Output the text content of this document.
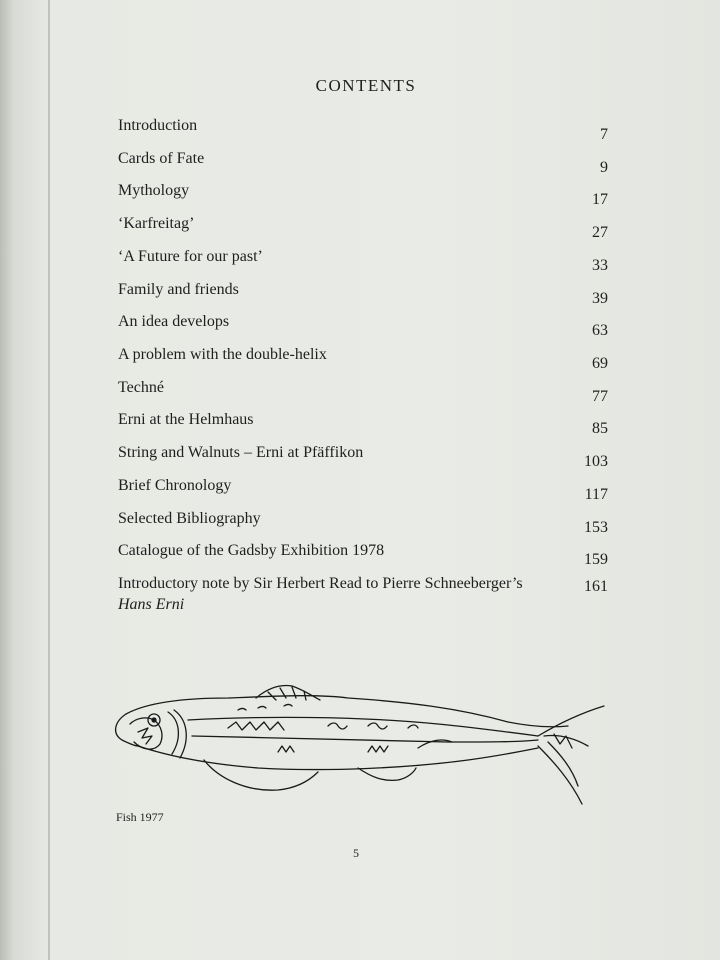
CONTENTS
Introduction
7
Cards of Fate
9
Mythology
17
‘Karfreitag’
27
‘A Future for our past’
33
Family and friends
39
An idea develops
63
A problem with the double-helix
69
Techné
77
Erni at the Helmhaus
85
String and Walnuts – Erni at Pfäffikon
103
Brief Chronology
117
Selected Bibliography
153
Catalogue of the Gadsby Exhibition 1978
159
Introductory note by Sir Herbert Read to Pierre Schneeberger’s
Hans Erni
161
Fish 1977
5
